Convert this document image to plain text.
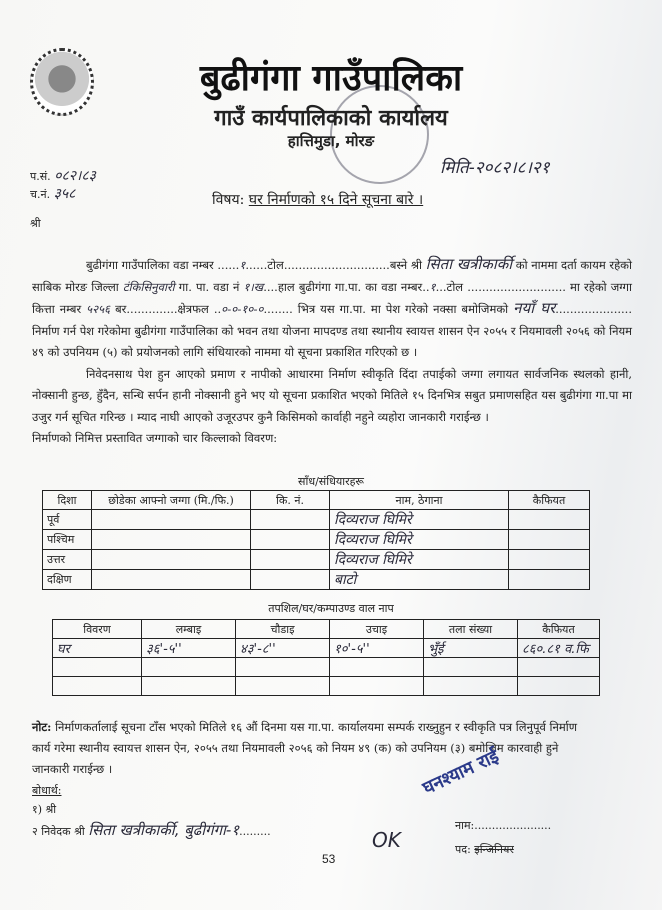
बुढीगंगा गाउँपालिका
गाउँ कार्यपालिकाको कार्यालय
हात्तिमुडा, मोरङ
प.सं. ०८२।८३
च.नं. ३५८
मिति-२०८२।८।२१
विषय: घर निर्माणको १५ दिने सूचना बारे ।
श्री

बुढीगंगा गाउँपालिका वडा नम्बर ......१......टोल.............................बस्ने श्री सिता खत्रीकार्की को नाममा दर्ता कायम रहेको साबिक मोरङ जिल्ला टंकिसिनुवारी गा. पा. वडा नं १।ख....हाल बुढीगंगा गा.पा. का वडा नम्बर..१...टोल ........................... मा रहेको जग्गा कित्ता नम्बर ५२५६ बर..............क्षेत्रफल ..०-०-१०-०........ भित्र यस गा.पा. मा पेश गरेको नक्सा बमोजिमको नयाँ घर..................... निर्माण गर्न पेश गरेकोमा बुढीगंगा गाउँपालिका को भवन तथा योजना मापदण्ड तथा स्थानीय स्वायत्त शासन ऐन २०५५ र नियमावली २०५६ को नियम ४९ को उपनियम (५) को प्रयोजनको लागि संधियारको नाममा यो सूचना प्रकाशित गरिएको छ ।

निवेदनसाथ पेश हुन आएको प्रमाण र नापीको आधारमा निर्माण स्वीकृति दिंदा तपाईको जग्गा लगायत सार्वजनिक स्थलको हानी, नोक्सानी हुन्छ, हुँदैन, सन्धि सर्पन हानी नोक्सानी हुने भए यो सूचना प्रकाशित भएको मितिले १५ दिनभित्र सबुत प्रमाणसहित यस बुढीगंगा गा.पा मा उजुर गर्न सूचित गरिन्छ । म्याद नाघी आएको उजूरउपर कुनै किसिमको कार्वाही नहुने व्यहोरा जानकारी गराईन्छ ।

निर्माणको निमित्त प्रस्तावित जग्गाको चार किल्लाको विवरण:

साँध/संधियारहरू
दिशा	छोडेका आफ्नो जग्गा (मि./फि.)	कि. नं.	नाम, ठेगाना	कैफियत
पूर्व			दिव्यराज घिमिरे	
पश्चिम			दिव्यराज घिमिरे	
उत्तर			दिव्यराज घिमिरे	
दक्षिण			बाटो	
तपशिल/घर/कम्पाउण्ड वाल नाप
विवरण	लम्बाइ	चौडाइ	उचाइ	तला संख्या	कैफियत
घर	३६'-५''	४३'-८''	१०'-५''	भुँई	८६०.८१ व.फि

नोट: निर्माणकर्तालाई सूचना टाँस भएको मितिले १६ औं दिनमा यस गा.पा. कार्यालयमा सम्पर्क राख्नुहुन र स्वीकृति पत्र लिनुपूर्व निर्माण कार्य गरेमा स्थानीय स्वायत्त शासन ऐन, २०५५ तथा नियमावली २०५६ को नियम ४९ (क) को उपनियम (३) बमोजिम कारवाही हुने जानकारी गराईन्छ ।	घनश्याम राई
नाम:......................
पद: इन्जिनियर
बोधार्थ:
१) श्री
२ निवेदक श्री सिता खत्रीकार्की, बुढीगंगा-१.........	OK
53
